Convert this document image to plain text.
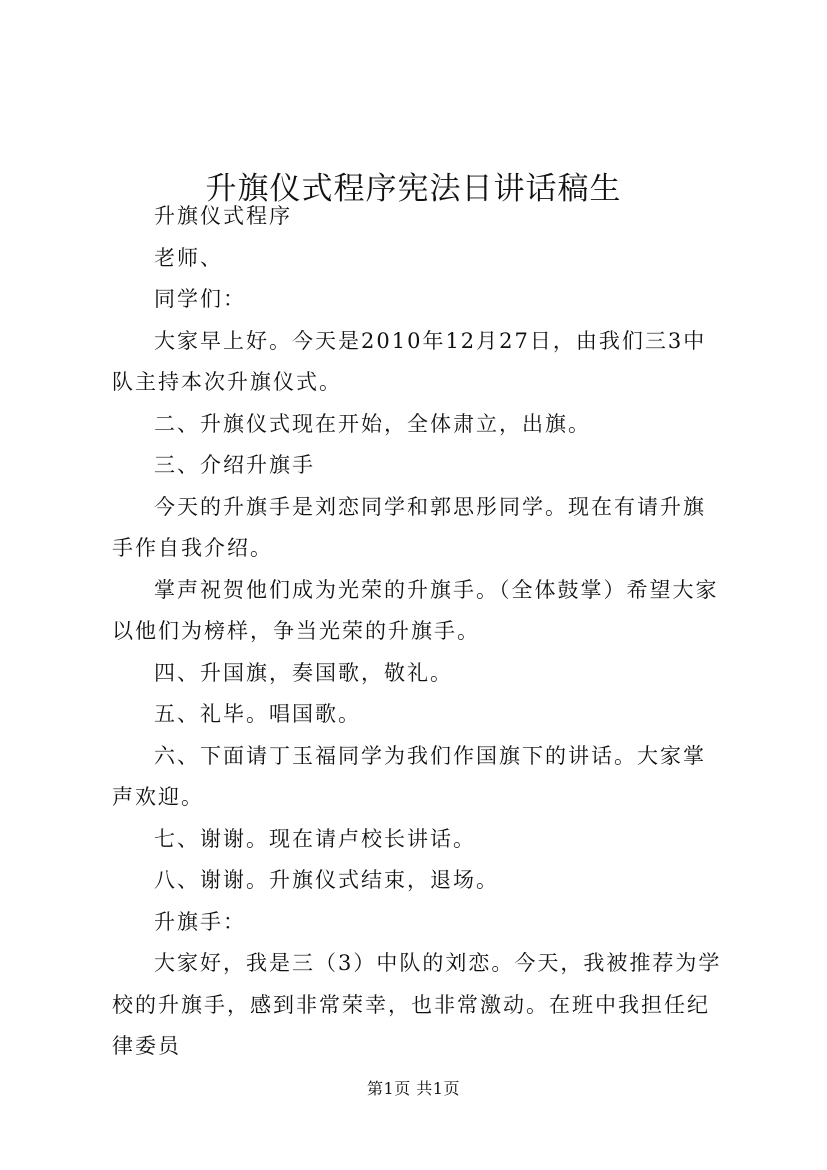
升旗仪式程序宪法日讲话稿生

升旗仪式程序

老师、

同学们：

大家早上好。今天是2010年12月27日，由我们三3中队主持本次升旗仪式。

二、升旗仪式现在开始，全体肃立，出旗。

三、介绍升旗手

今天的升旗手是刘恋同学和郭思彤同学。现在有请升旗手作自我介绍。

掌声祝贺他们成为光荣的升旗手。（全体鼓掌）希望大家以他们为榜样，争当光荣的升旗手。

四、升国旗，奏国歌，敬礼。

五、礼毕。唱国歌。

六、下面请丁玉福同学为我们作国旗下的讲话。大家掌声欢迎。

七、谢谢。现在请卢校长讲话。

八、谢谢。升旗仪式结束，退场。

升旗手：

大家好，我是三（3）中队的刘恋。今天，我被推荐为学校的升旗手，感到非常荣幸，也非常激动。在班中我担任纪律委员

第1页 共1页
